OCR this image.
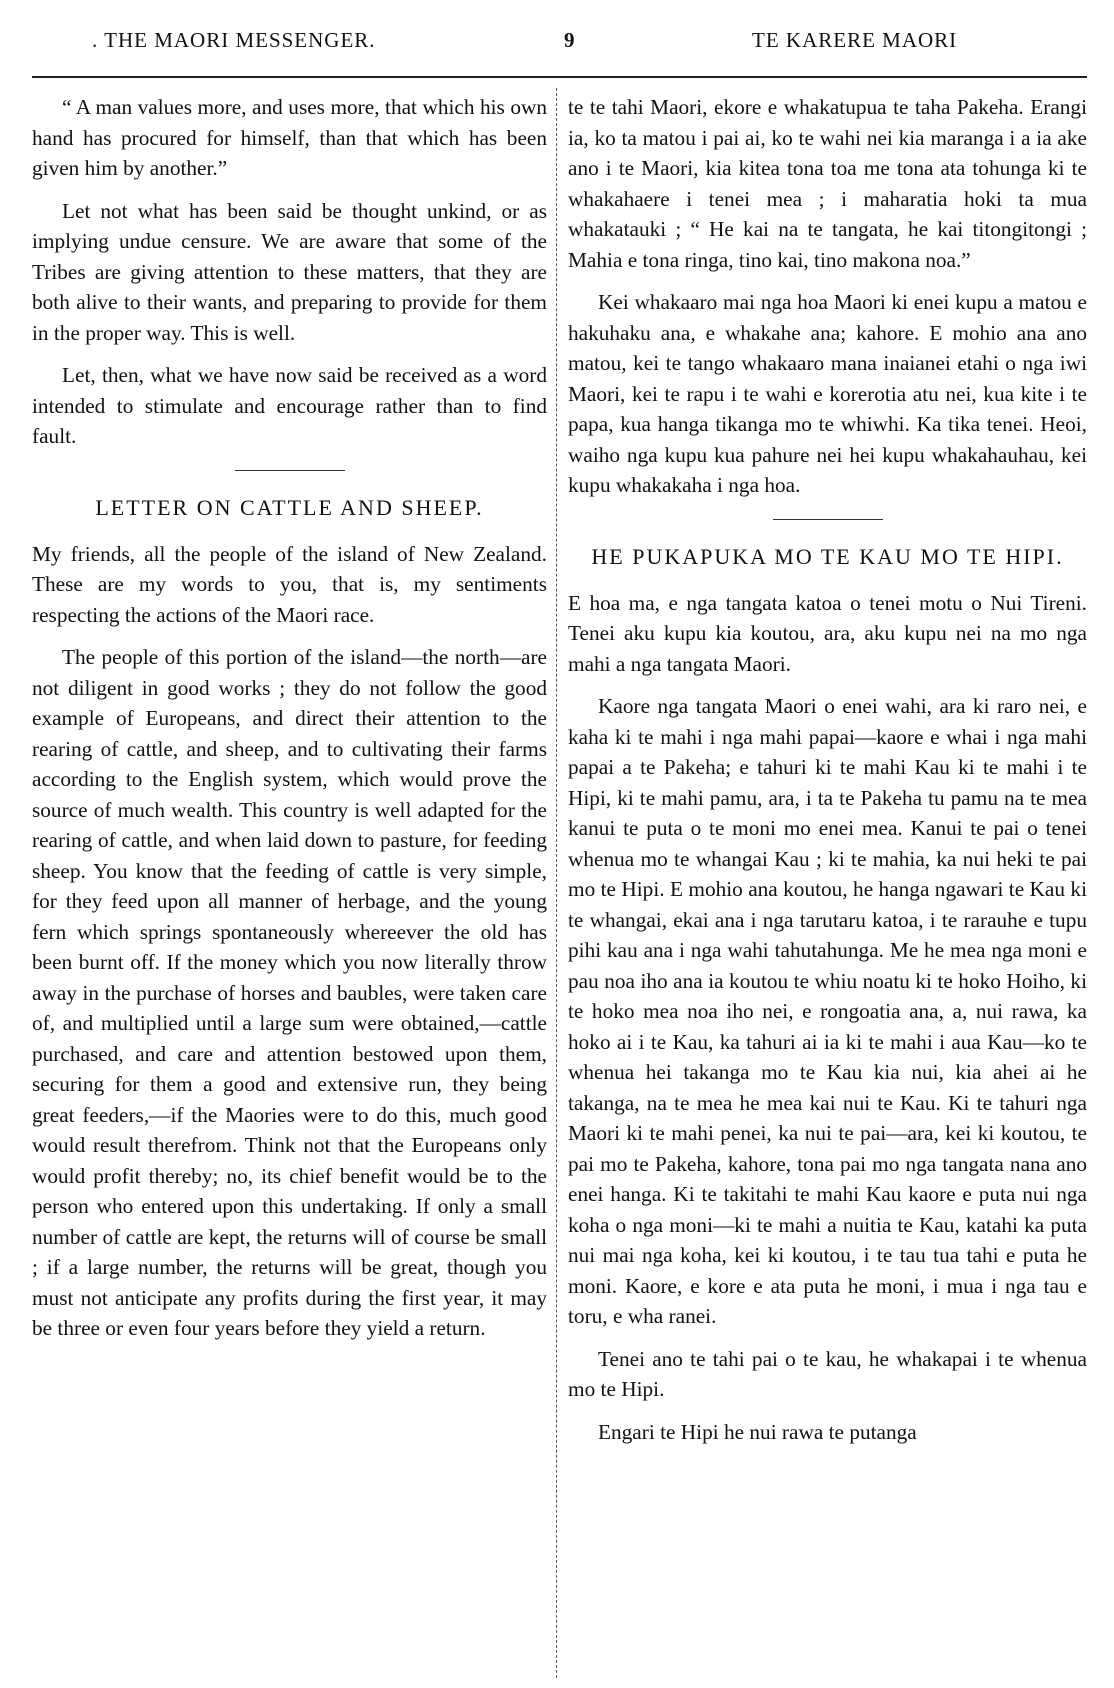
. THE MAORI MESSENGER.	9	TE KARERE MAORI

“ A man values more, and uses more, that which his own hand has procured for himself, than that which has been given him by another.”

Let not what has been said be thought unkind, or as implying undue censure. We are aware that some of the Tribes are giving attention to these matters, that they are both alive to their wants, and preparing to provide for them in the proper way. This is well.

Let, then, what we have now said be received as a word intended to stimulate and encourage rather than to find fault.

LETTER ON CATTLE AND SHEEP.

My friends, all the people of the island of New Zealand. These are my words to you, that is, my sentiments respecting the actions of the Maori race.

The people of this portion of the island—the north—are not diligent in good works ; they do not follow the good example of Europeans, and direct their attention to the rearing of cattle, and sheep, and to cultivating their farms according to the English system, which would prove the source of much wealth. This country is well adapted for the rearing of cattle, and when laid down to pasture, for feeding sheep. You know that the feeding of cattle is very simple, for they feed upon all manner of herbage, and the young fern which springs spontaneously whereever the old has been burnt off. If the money which you now literally throw away in the purchase of horses and baubles, were taken care of, and multiplied until a large sum were obtained,—cattle purchased, and care and attention bestowed upon them, securing for them a good and extensive run, they being great feeders,—if the Maories were to do this, much good would result therefrom. Think not that the Europeans only would profit thereby; no, its chief benefit would be to the person who entered upon this undertaking. If only a small number of cattle are kept, the returns will of course be small ; if a large number, the returns will be great, though you must not anticipate any profits during the first year, it may be three or even four years before they yield a return.

te te tahi Maori, ekore e whakatupua te taha Pakeha. Erangi ia, ko ta matou i pai ai, ko te wahi nei kia maranga i a ia ake ano i te Maori, kia kitea tona toa me tona ata tohunga ki te whakahaere i tenei mea ; i maharatia hoki ta mua whakatauki ; “ He kai na te tangata, he kai titongitongi ; Mahia e tona ringa, tino kai, tino makona noa.”

Kei whakaaro mai nga hoa Maori ki enei kupu a matou e hakuhaku ana, e whakahe ana; kahore. E mohio ana ano matou, kei te tango whakaaro mana inaianei etahi o nga iwi Maori, kei te rapu i te wahi e korerotia atu nei, kua kite i te papa, kua hanga tikanga mo te whiwhi. Ka tika tenei. Heoi, waiho nga kupu kua pahure nei hei kupu whakahauhau, kei kupu whakakaha i nga hoa.

HE PUKAPUKA MO TE KAU MO TE HIPI.

E hoa ma, e nga tangata katoa o tenei motu o Nui Tireni. Tenei aku kupu kia koutou, ara, aku kupu nei na mo nga mahi a nga tangata Maori.

Kaore nga tangata Maori o enei wahi, ara ki raro nei, e kaha ki te mahi i nga mahi papai—kaore e whai i nga mahi papai a te Pakeha; e tahuri ki te mahi Kau ki te mahi i te Hipi, ki te mahi pamu, ara, i ta te Pakeha tu pamu na te mea kanui te puta o te moni mo enei mea. Kanui te pai o tenei whenua mo te whangai Kau ; ki te mahia, ka nui heki te pai mo te Hipi. E mohio ana koutou, he hanga ngawari te Kau ki te whangai, ekai ana i nga tarutaru katoa, i te rarauhe e tupu pihi kau ana i nga wahi tahutahunga. Me he mea nga moni e pau noa iho ana ia koutou te whiu noatu ki te hoko Hoiho, ki te hoko mea noa iho nei, e rongoatia ana, a, nui rawa, ka hoko ai i te Kau, ka tahuri ai ia ki te mahi i aua Kau—ko te whenua hei takanga mo te Kau kia nui, kia ahei ai he takanga, na te mea he mea kai nui te Kau. Ki te tahuri nga Maori ki te mahi penei, ka nui te pai—ara, kei ki koutou, te pai mo te Pakeha, kahore, tona pai mo nga tangata nana ano enei hanga. Ki te takitahi te mahi Kau kaore e puta nui nga koha o nga moni—ki te mahi a nuitia te Kau, katahi ka puta nui mai nga koha, kei ki koutou, i te tau tua tahi e puta he moni. Kaore, e kore e ata puta he moni, i mua i nga tau e toru, e wha ranei.

Tenei ano te tahi pai o te kau, he whakapai i te whenua mo te Hipi.

Engari te Hipi he nui rawa te putanga
